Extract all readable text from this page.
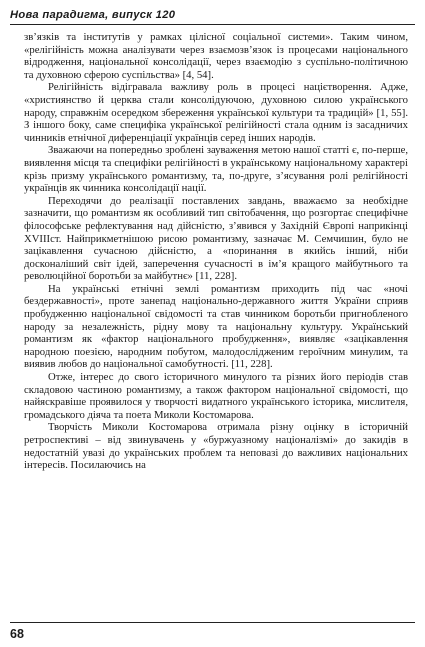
Нова парадигма, випуск 120

зв’язків та інститутів у рамках цілісної соціальної системи». Таким чином, «релігійність можна аналізувати через взаємозв’язок із процесами національного відродження, національної консолідації, через взаємодію з суспільно-політичною та духовною сферою суспільства» [4, 54].

Релігійність відігравала важливу роль в процесі націєтворення. Адже, «християнство й церква стали консолідуючою, духовною силою українського народу, справжнім осередком збереження української культури та традицій» [1, 55]. З іншого боку, саме специфіка української релігійності стала одним із засадничих чинників етнічної диференціації українців серед інших народів.

Зважаючи на попередньо зроблені зауваження метою нашої статті є, по-перше, виявлення місця та специфіки релігійності в українському національному характері крізь призму українського романтизму, та, по-друге, з’ясування ролі релігійності українців як чинника консолідації нації.

Переходячи до реалізації поставлених завдань, вважаємо за необхідне зазначити, що романтизм як особливий тип світобачення, що розгортає специфічне філософське рефлектування над дійсністю, з’явився у Західній Європі наприкінці XVIIIст. Найприкметнішою рисою романтизму, зазначає М. Семчишин, було не зацікавлення сучасною дійсністю, а «поринання в якийсь інший, ніби досконаліший світ ідей, заперечення сучасності в ім’я кращого майбутнього та революційної боротьби за майбутнє» [11, 228].

На українські етнічні землі романтизм приходить під час «ночі бездержавності», проте занепад національно-державного життя України сприяв пробудженню національної свідомості та став чинником боротьби пригнобленого народу за незалежність, рідну мову та національну культуру. Український романтизм як «фактор національного пробудження», виявляє «зацікавлення народною поезією, народним побутом, малодослідженим героїчним минулим, та виявив любов до національної самобутності. [11, 228].

Отже, інтерес до свого історичного минулого та різних його періодів став складовою частиною романтизму, а також фактором національної свідомості, що найяскравіше проявилося у творчості видатного українського історика, мислителя, громадського діяча та поета Миколи Костомарова.

Творчість Миколи Костомарова отримала різну оцінку в історичній ретроспективі – від звинувачень у «буржуазному націоналізмі» до закидів в недостатній увазі до українських проблем та неповазі до важливих національних інтересів. Посилаючись на

68
